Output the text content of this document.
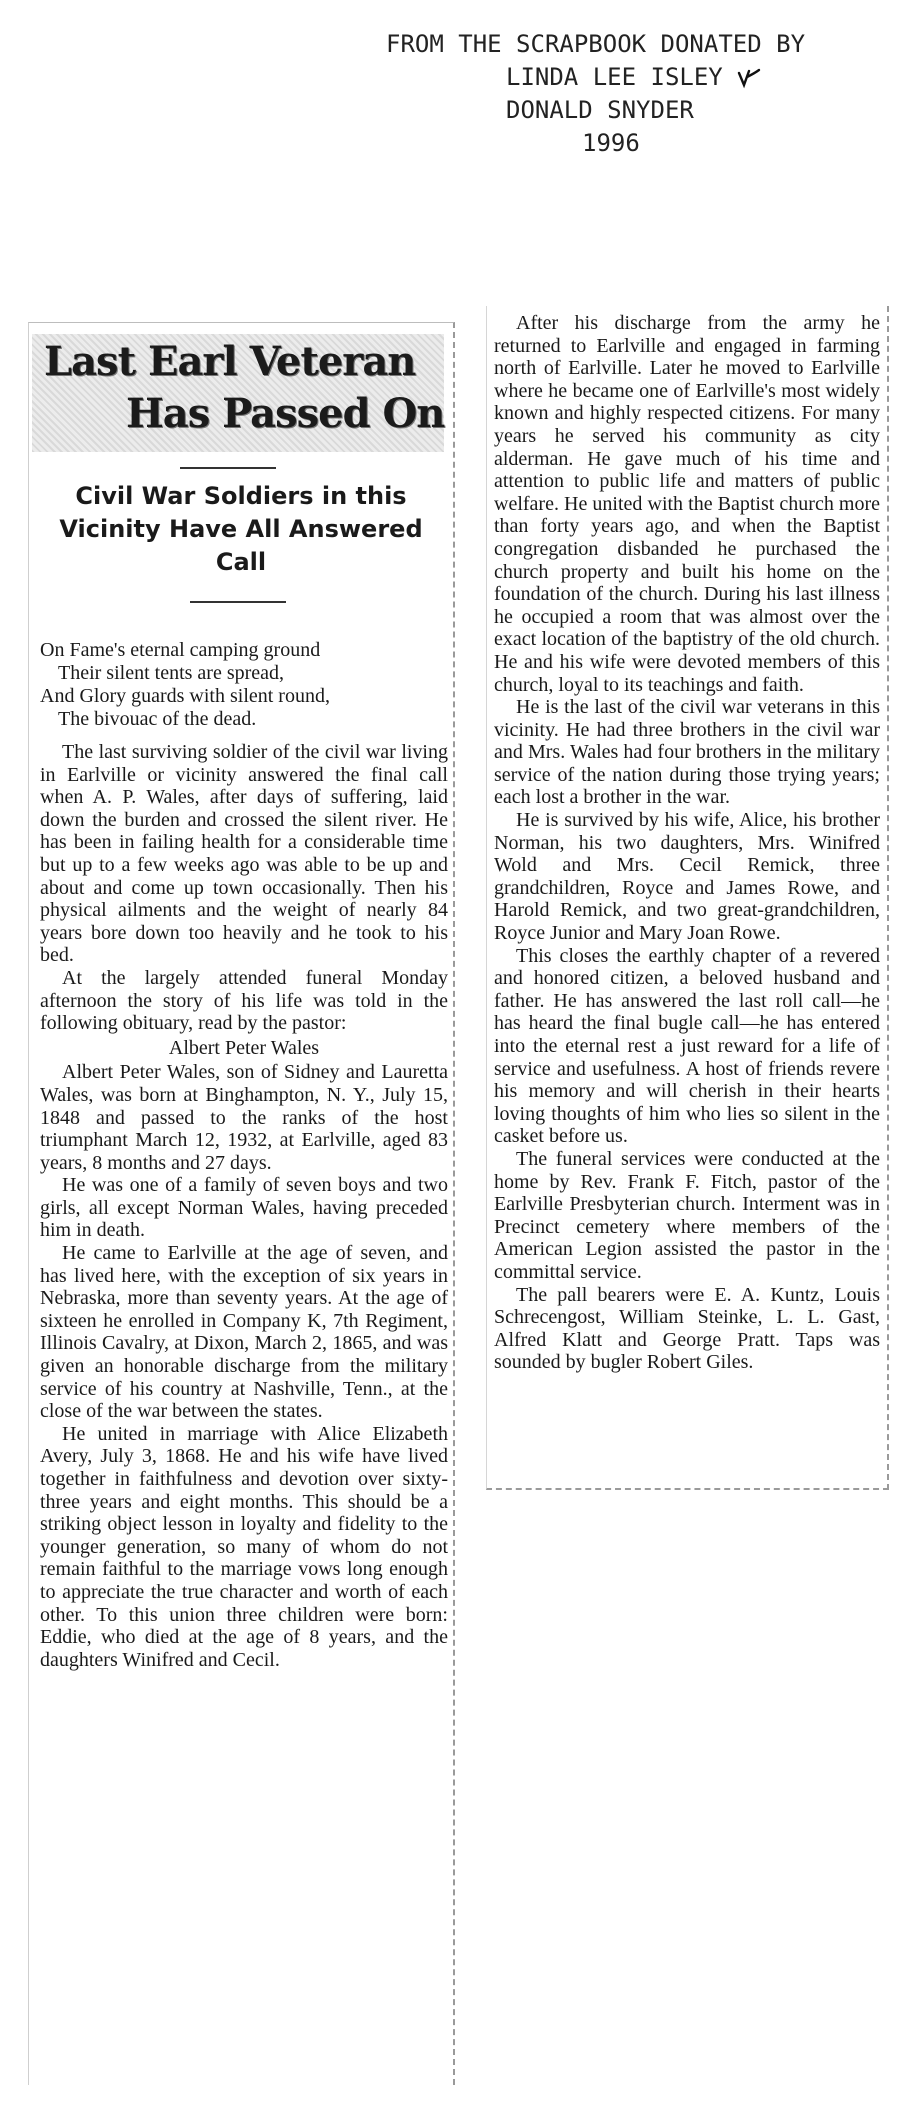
FROM THE SCRAPBOOK DONATED BY
LINDA LEE ISLEY
DONALD SNYDER
1996
Last Earl Veteran
Has Passed On
Civil War Soldiers in this Vicinity Have All Answered Call
On Fame's eternal camping ground
Their silent tents are spread,
And Glory guards with silent round,
The bivouac of the dead.

The last surviving soldier of the civil war living in Earlville or vicinity answered the final call when A. P. Wales, after days of suffering, laid down the burden and crossed the silent river. He has been in failing health for a considerable time but up to a few weeks ago was able to be up and about and come up town occasionally. Then his physical ailments and the weight of nearly 84 years bore down too heavily and he took to his bed.

At the largely attended funeral Monday afternoon the story of his life was told in the following obituary, read by the pastor:

Albert Peter Wales

Albert Peter Wales, son of Sidney and Lauretta Wales, was born at Binghampton, N. Y., July 15, 1848 and passed to the ranks of the host triumphant March 12, 1932, at Earlville, aged 83 years, 8 months and 27 days.

He was one of a family of seven boys and two girls, all except Norman Wales, having preceded him in death.

He came to Earlville at the age of seven, and has lived here, with the exception of six years in Nebraska, more than seventy years. At the age of sixteen he enrolled in Company K, 7th Regiment, Illinois Cavalry, at Dixon, March 2, 1865, and was given an honorable discharge from the military service of his country at Nashville, Tenn., at the close of the war between the states.

He united in marriage with Alice Elizabeth Avery, July 3, 1868. He and his wife have lived together in faithfulness and devotion over sixty-three years and eight months. This should be a striking object lesson in loyalty and fidelity to the younger generation, so many of whom do not remain faithful to the marriage vows long enough to appreciate the true character and worth of each other. To this union three children were born: Eddie, who died at the age of 8 years, and the daughters Winifred and Cecil.

After his discharge from the army he returned to Earlville and engaged in farming north of Earlville. Later he moved to Earlville where he became one of Earlville's most widely known and highly respected citizens. For many years he served his community as city alderman. He gave much of his time and attention to public life and matters of public welfare. He united with the Baptist church more than forty years ago, and when the Baptist congregation disbanded he purchased the church property and built his home on the foundation of the church. During his last illness he occupied a room that was almost over the exact location of the baptistry of the old church. He and his wife were devoted members of this church, loyal to its teachings and faith.

He is the last of the civil war veterans in this vicinity. He had three brothers in the civil war and Mrs. Wales had four brothers in the military service of the nation during those trying years; each lost a brother in the war.

He is survived by his wife, Alice, his brother Norman, his two daughters, Mrs. Winifred Wold and Mrs. Cecil Remick, three grandchildren, Royce and James Rowe, and Harold Remick, and two great-grandchildren, Royce Junior and Mary Joan Rowe.

This closes the earthly chapter of a revered and honored citizen, a beloved husband and father. He has answered the last roll call—he has heard the final bugle call—he has entered into the eternal rest a just reward for a life of service and usefulness. A host of friends revere his memory and will cherish in their hearts loving thoughts of him who lies so silent in the casket before us.

The funeral services were conducted at the home by Rev. Frank F. Fitch, pastor of the Earlville Presbyterian church. Interment was in Precinct cemetery where members of the American Legion assisted the pastor in the committal service.

The pall bearers were E. A. Kuntz, Louis Schrecengost, William Steinke, L. L. Gast, Alfred Klatt and George Pratt. Taps was sounded by bugler Robert Giles.
